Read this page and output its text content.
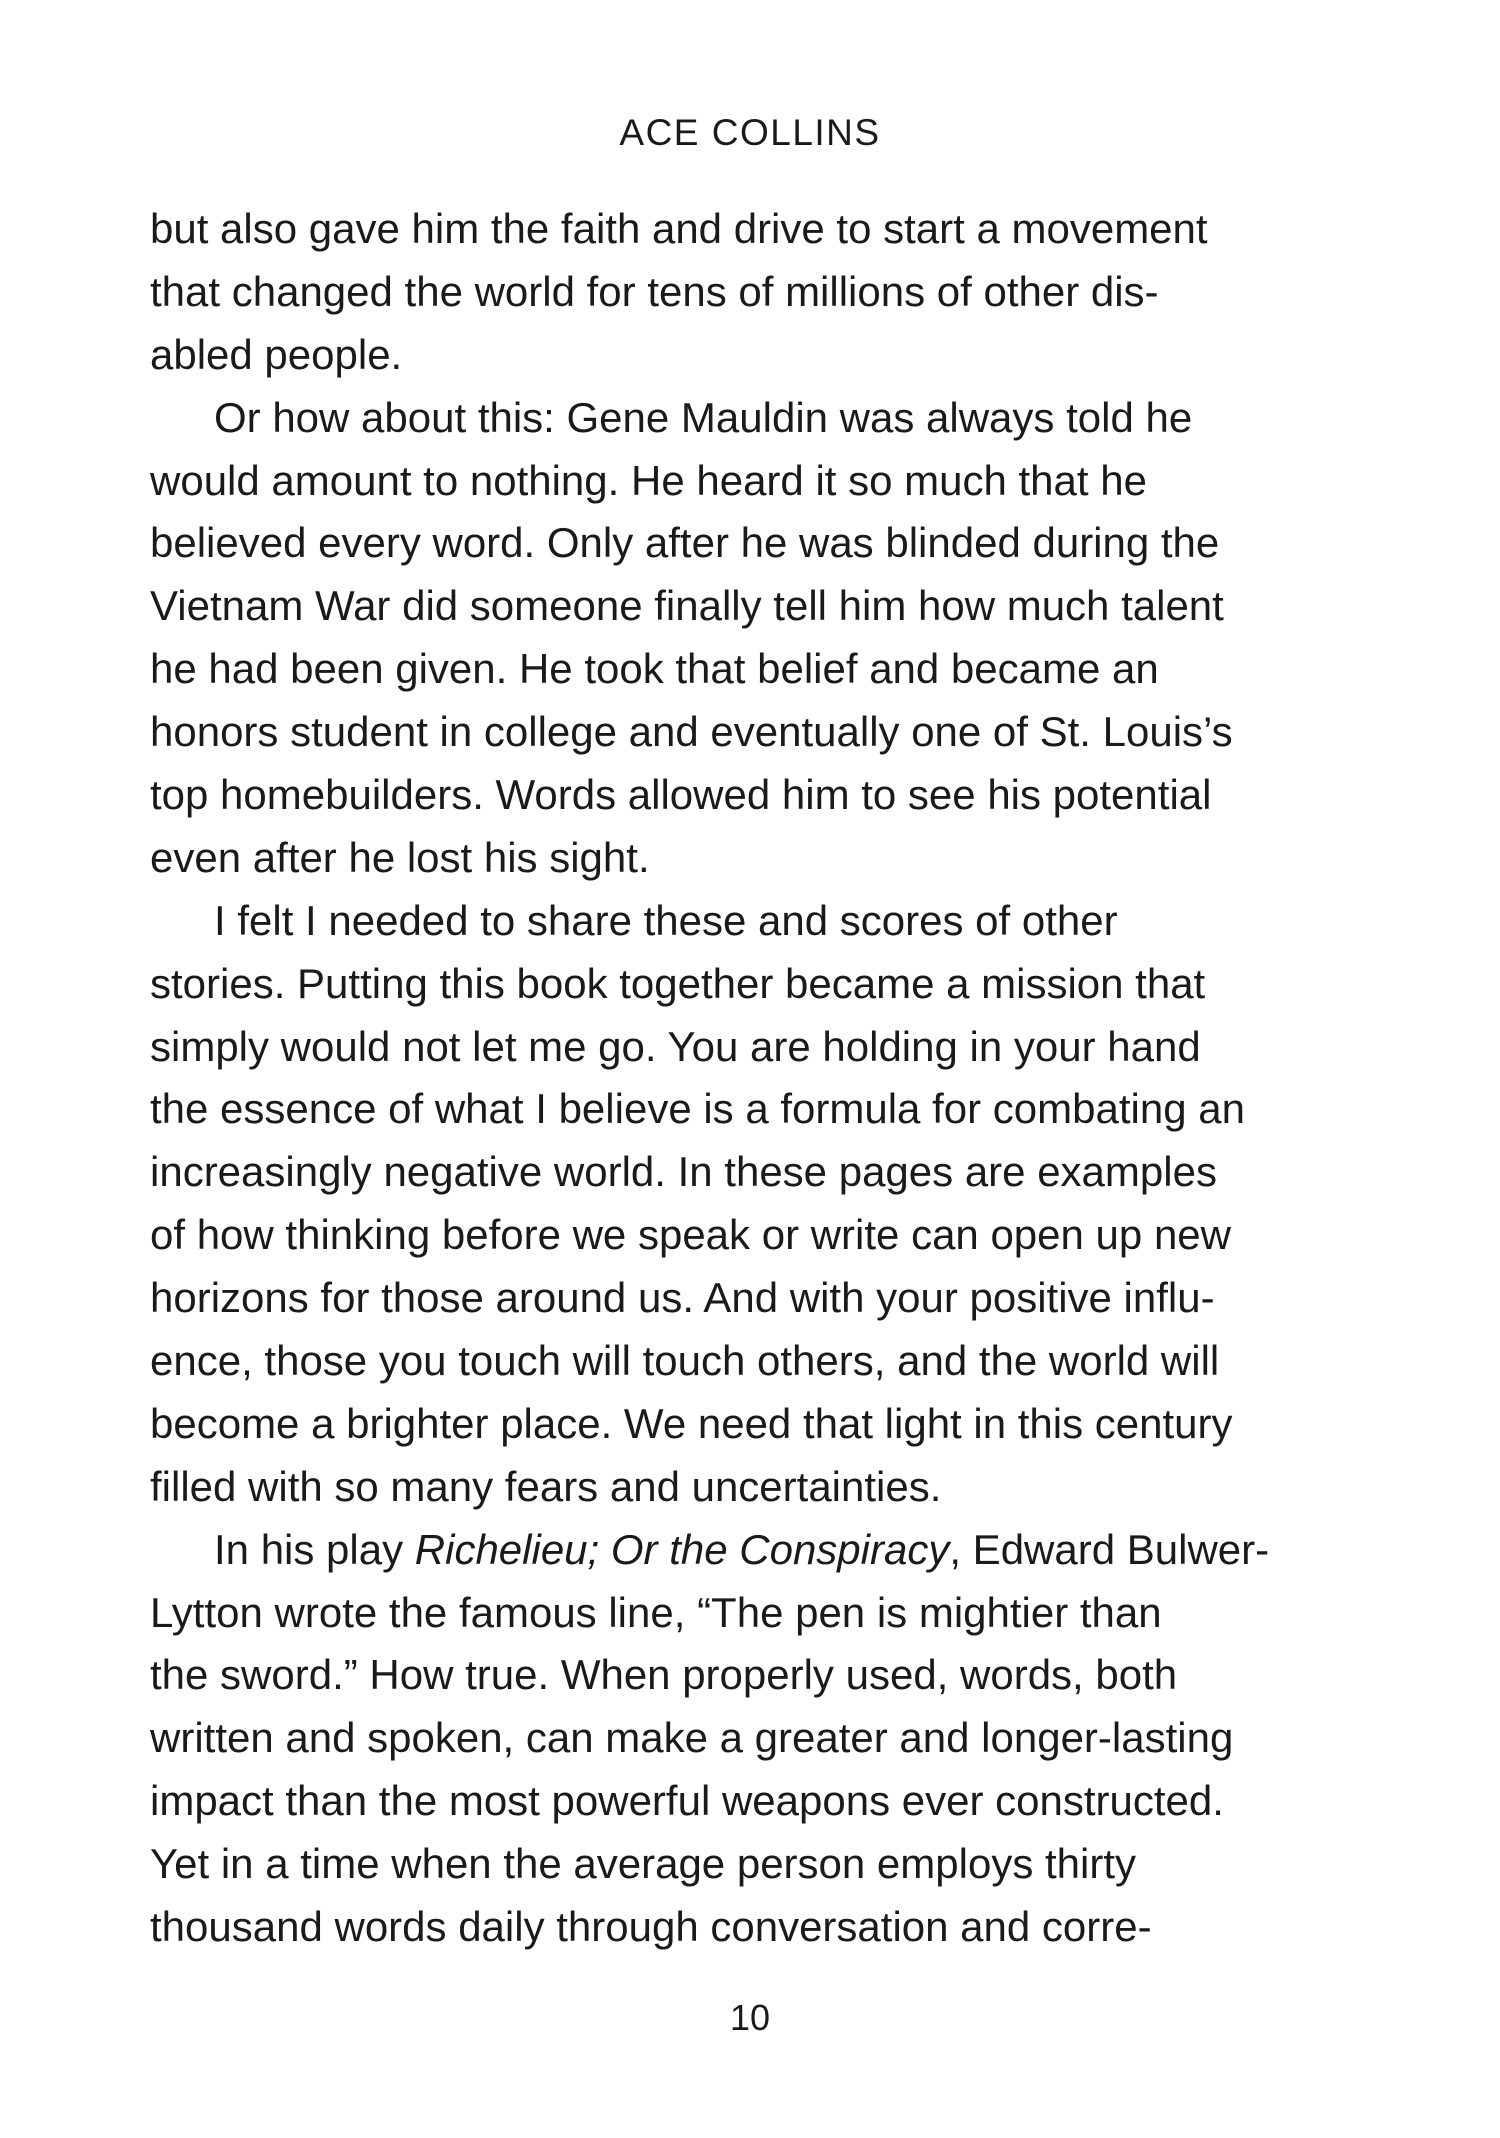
ACE COLLINS
but also gave him the faith and drive to start a movement
that changed the world for tens of millions of other dis-
abled people.
Or how about this: Gene Mauldin was always told he
would amount to nothing. He heard it so much that he
believed every word. Only after he was blinded during the
Vietnam War did someone finally tell him how much talent
he had been given. He took that belief and became an
honors student in college and eventually one of St. Louis’s
top homebuilders. Words allowed him to see his potential
even after he lost his sight.
I felt I needed to share these and scores of other
stories. Putting this book together became a mission that
simply would not let me go. You are holding in your hand
the essence of what I believe is a formula for combating an
increasingly negative world. In these pages are examples
of how thinking before we speak or write can open up new
horizons for those around us. And with your positive influ-
ence, those you touch will touch others, and the world will
become a brighter place. We need that light in this century
filled with so many fears and uncertainties.
In his play Richelieu; Or the Conspiracy, Edward Bulwer-
Lytton wrote the famous line, “The pen is mightier than
the sword.” How true. When properly used, words, both
written and spoken, can make a greater and longer-lasting
impact than the most powerful weapons ever constructed.
Yet in a time when the average person employs thirty
thousand words daily through conversation and corre-
10
